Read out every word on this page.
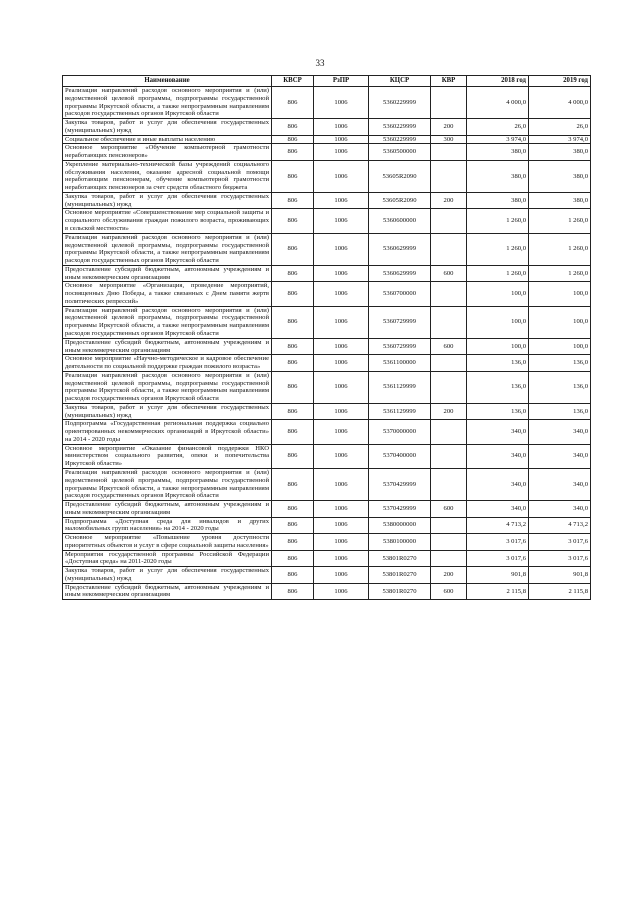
33
Наименование	КВСР	РзПР	КЦСР	КВР	2018 год	2019 год
Реализация направлений расходов основного мероприятия и (или) ведомственной целевой программы, подпрограммы государственной программы Иркутской области, а также непрограммным направлениям расходов государственных органов Иркутской области	806	1006	5360229999		4 000,0	4 000,0
Закупка товаров, работ и услуг для обеспечения государственных (муниципальных) нужд	806	1006	5360229999	200	26,0	26,0
Социальное обеспечение и иные выплаты населению	806	1006	5360229999	300	3 974,0	3 974,0
Основное мероприятие «Обучение компьютерной грамотности неработающих пенсионеров»	806	1006	5360500000		380,0	380,0
Укрепление материально-технической базы учреждений социального обслуживания населения, оказание адресной социальной помощи неработающим пенсионерам, обучение компьютерной грамотности неработающих пенсионеров за счет средств областного бюджета	806	1006	53605R2090		380,0	380,0
Закупка товаров, работ и услуг для обеспечения государственных (муниципальных) нужд	806	1006	53605R2090	200	380,0	380,0
Основное мероприятие «Совершенствование мер социальной защиты и социального обслуживания граждан пожилого возраста, проживающих в сельской местности»	806	1006	5360600000		1 260,0	1 260,0
Реализация направлений расходов основного мероприятия и (или) ведомственной целевой программы, подпрограммы государственной программы Иркутской области, а также непрограммным направлениям расходов государственных органов Иркутской области	806	1006	5360629999		1 260,0	1 260,0
Предоставление субсидий бюджетным, автономным учреждениям и иным некоммерческим организациям	806	1006	5360629999	600	1 260,0	1 260,0
Основное мероприятие «Организация, проведение мероприятий, посвященных Дню Победы, а также связанных с Днем памяти жертв политических репрессий»	806	1006	5360700000		100,0	100,0
Реализация направлений расходов основного мероприятия и (или) ведомственной целевой программы, подпрограммы государственной программы Иркутской области, а также непрограммным направлениям расходов государственных органов Иркутской области	806	1006	5360729999		100,0	100,0
Предоставление субсидий бюджетным, автономным учреждениям и иным некоммерческим организациям	806	1006	5360729999	600	100,0	100,0
Основное мероприятие «Научно-методическое и кадровое обеспечение деятельности по социальной поддержке граждан пожилого возраста»	806	1006	5361100000		136,0	136,0
Реализация направлений расходов основного мероприятия и (или) ведомственной целевой программы, подпрограммы государственной программы Иркутской области, а также непрограммным направлениям расходов государственных органов Иркутской области	806	1006	5361129999		136,0	136,0
Закупка товаров, работ и услуг для обеспечения государственных (муниципальных) нужд	806	1006	5361129999	200	136,0	136,0
Подпрограмма «Государственная региональная поддержка социально ориентированных некоммерческих организаций в Иркутской области» на 2014 - 2020 годы	806	1006	5370000000		340,0	340,0
Основное мероприятие «Оказание финансовой поддержки НКО министерством социального развития, опеки и попечительства Иркутской области»	806	1006	5370400000		340,0	340,0
Реализация направлений расходов основного мероприятия и (или) ведомственной целевой программы, подпрограммы государственной программы Иркутской области, а также непрограммным направлениям расходов государственных органов Иркутской области	806	1006	5370429999		340,0	340,0
Предоставление субсидий бюджетным, автономным учреждениям и иным некоммерческим организациям	806	1006	5370429999	600	340,0	340,0
Подпрограмма «Доступная среда для инвалидов и других маломобильных групп населения» на 2014 - 2020 годы	806	1006	5380000000		4 713,2	4 713,2
Основное мероприятие «Повышение уровня доступности приоритетных объектов и услуг в сфере социальной защиты населения»	806	1006	5380100000		3 017,6	3 017,6
Мероприятия государственной программы Российской Федерации «Доступная среда» на 2011-2020 годы	806	1006	53801R0270		3 017,6	3 017,6
Закупка товаров, работ и услуг для обеспечения государственных (муниципальных) нужд	806	1006	53801R0270	200	901,8	901,8
Предоставление субсидий бюджетным, автономным учреждениям и иным некоммерческим организациям	806	1006	53801R0270	600	2 115,8	2 115,8
